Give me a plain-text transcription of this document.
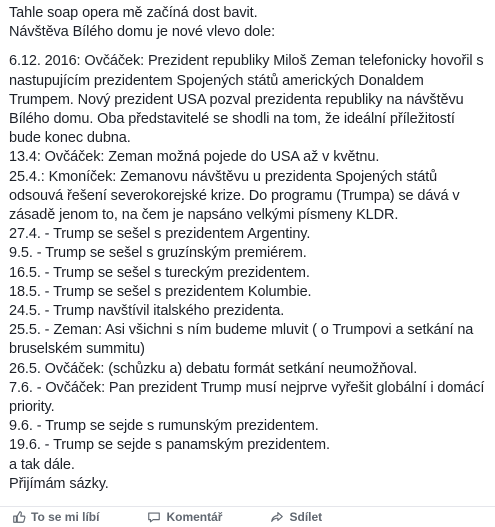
Tahle soap opera mě začíná dost bavit.
Návštěva Bílého domu je nové vlevo dole:
6.12. 2016: Ovčáček: Prezident republiky Miloš Zeman telefonicky hovořil s nastupujícím prezidentem Spojených států amerických Donaldem Trumpem. Nový prezident USA pozval prezidenta republiky na návštěvu Bílého domu. Oba představitelé se shodli na tom, že ideální příležitostí bude konec dubna.
13.4: Ovčáček: Zeman možná pojede do USA až v květnu.
25.4.: Kmoníček: Zemanovu návštěvu u prezidenta Spojených států odsouvá řešení severokorejské krize. Do programu (Trumpa) se dává v zásadě jenom to, na čem je napsáno velkými písmeny KLDR.
27.4. - Trump se sešel s prezidentem Argentiny.
9.5. - Trump se sešel s gruzínským premiérem.
16.5. - Trump se sešel s tureckým prezidentem.
18.5. - Trump se sešel s prezidentem Kolumbie.
24.5. - Trump navštívil italského prezidenta.
25.5. - Zeman: Asi všichni s ním budeme mluvit ( o Trumpovi a setkání na bruselském summitu)
26.5. Ovčáček: (schůzku a) debatu formát setkání neumožňoval.
7.6. - Ovčáček: Pan prezident Trump musí nejprve vyřešit globální i domácí priority.
9.6. - Trump se sejde s rumunským prezidentem.
19.6. - Trump se sejde s panamským prezidentem.
a tak dále.
Přijímám sázky.
To se mi líbí	Komentář	Sdílet
